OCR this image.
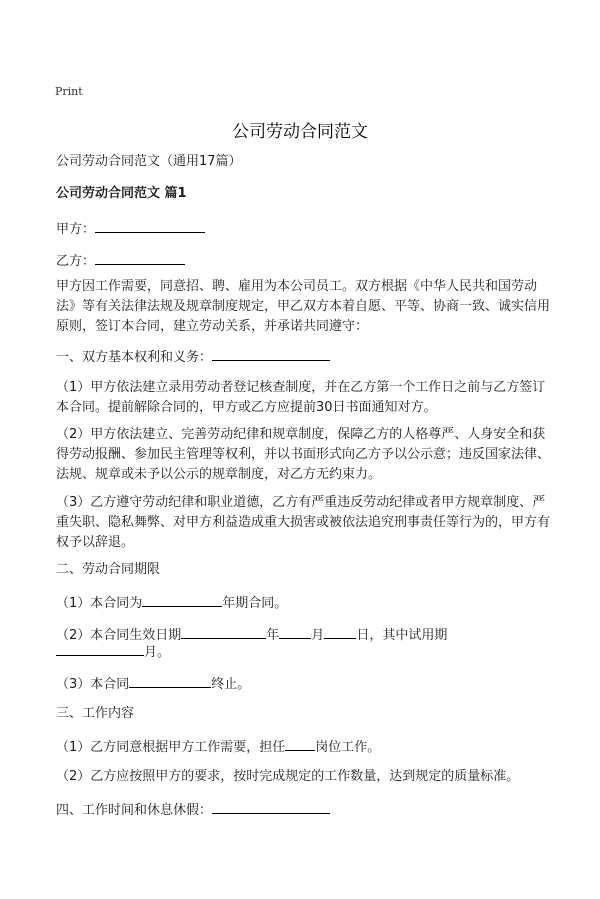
Print
公司劳动合同范文
公司劳动合同范文（通用17篇）
公司劳动合同范文 篇1
甲方：
乙方：
甲方因工作需要，同意招、聘、雇用为本公司员工。双方根据《中华人民共和国劳动法》等有关法律法规及规章制度规定，甲乙双方本着自愿、平等、协商一致、诚实信用原则，签订本合同，建立劳动关系，并承诺共同遵守：
一、双方基本权利和义务：
（1）甲方依法建立录用劳动者登记核查制度，并在乙方第一个工作日之前与乙方签订本合同。提前解除合同的，甲方或乙方应提前30日书面通知对方。
（2）甲方依法建立、完善劳动纪律和规章制度，保障乙方的人格尊严、人身安全和获得劳动报酬、参加民主管理等权利，并以书面形式向乙方予以公示意；违反国家法律、法规、规章或未予以公示的规章制度，对乙方无约束力。
（3）乙方遵守劳动纪律和职业道德，乙方有严重违反劳动纪律或者甲方规章制度、严重失职、隐私舞弊、对甲方利益造成重大损害或被依法追究刑事责任等行为的，甲方有权予以辞退。
二、劳动合同期限
（1）本合同为	年期合同。
（2）本合同生效日期	年 月 日，其中试用期
月。
（3）本合同	终止。
三、工作内容
（1）乙方同意根据甲方工作需要，担任 岗位工作。
（2）乙方应按照甲方的要求，按时完成规定的工作数量，达到规定的质量标准。
四、工作时间和休息休假：
